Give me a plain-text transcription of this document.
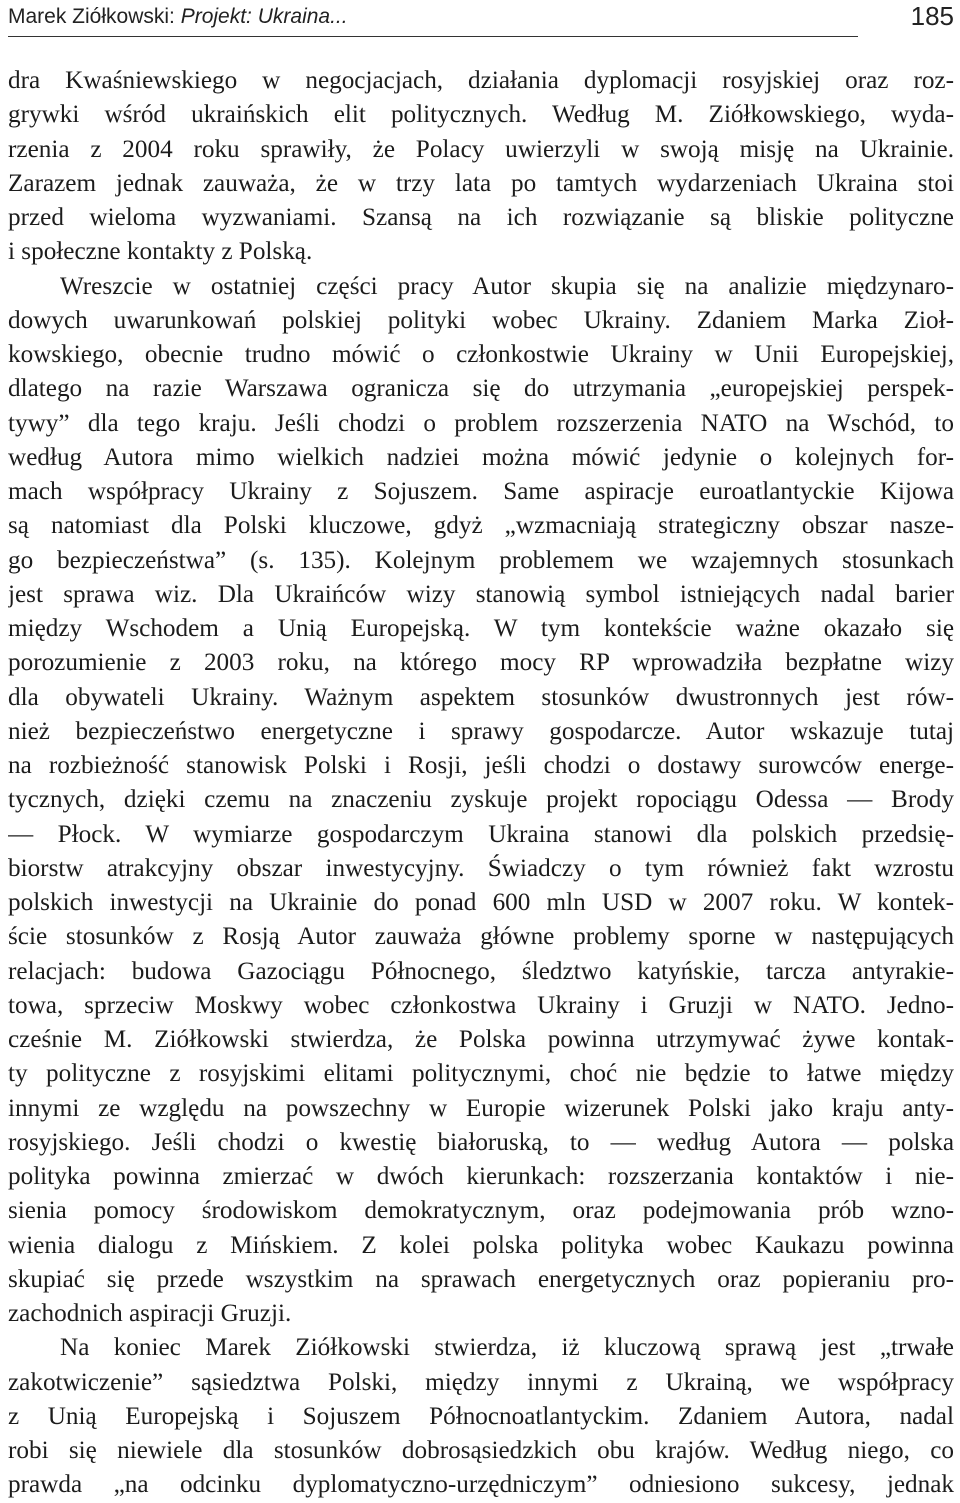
Marek Ziółkowski: Projekt: Ukraina...	185
dra Kwaśniewskiego w negocjacjach, działania dyplomacji rosyjskiej oraz roz-
grywki wśród ukraińskich elit politycznych. Według M. Ziółkowskiego, wyda-
rzenia z 2004 roku sprawiły, że Polacy uwierzyli w swoją misję na Ukrainie.
Zarazem jednak zauważa, że w trzy lata po tamtych wydarzeniach Ukraina stoi
przed wieloma wyzwaniami. Szansą na ich rozwiązanie są bliskie polityczne
i społeczne kontakty z Polską.
Wreszcie w ostatniej części pracy Autor skupia się na analizie międzynaro-
dowych uwarunkowań polskiej polityki wobec Ukrainy. Zdaniem Marka Zioł-
kowskiego, obecnie trudno mówić o członkostwie Ukrainy w Unii Europejskiej,
dlatego na razie Warszawa ogranicza się do utrzymania „europejskiej perspek-
tywy” dla tego kraju. Jeśli chodzi o problem rozszerzenia NATO na Wschód, to
według Autora mimo wielkich nadziei można mówić jedynie o kolejnych for-
mach współpracy Ukrainy z Sojuszem. Same aspiracje euroatlantyckie Kijowa
są natomiast dla Polski kluczowe, gdyż „wzmacniają strategiczny obszar nasze-
go bezpieczeństwa” (s. 135). Kolejnym problemem we wzajemnych stosunkach
jest sprawa wiz. Dla Ukraińców wizy stanowią symbol istniejących nadal barier
między Wschodem a Unią Europejską. W tym kontekście ważne okazało się
porozumienie z 2003 roku, na którego mocy RP wprowadziła bezpłatne wizy
dla obywateli Ukrainy. Ważnym aspektem stosunków dwustronnych jest rów-
nież bezpieczeństwo energetyczne i sprawy gospodarcze. Autor wskazuje tutaj
na rozbieżność stanowisk Polski i Rosji, jeśli chodzi o dostawy surowców energe-
tycznych, dzięki czemu na znaczeniu zyskuje projekt ropociągu Odessa — Brody
— Płock. W wymiarze gospodarczym Ukraina stanowi dla polskich przedsię-
biorstw atrakcyjny obszar inwestycyjny. Świadczy o tym również fakt wzrostu
polskich inwestycji na Ukrainie do ponad 600 mln USD w 2007 roku. W kontek-
ście stosunków z Rosją Autor zauważa główne problemy sporne w następujących
relacjach: budowa Gazociągu Północnego, śledztwo katyńskie, tarcza antyrakie-
towa, sprzeciw Moskwy wobec członkostwa Ukrainy i Gruzji w NATO. Jedno-
cześnie M. Ziółkowski stwierdza, że Polska powinna utrzymywać żywe kontak-
ty polityczne z rosyjskimi elitami politycznymi, choć nie będzie to łatwe między
innymi ze względu na powszechny w Europie wizerunek Polski jako kraju anty-
rosyjskiego. Jeśli chodzi o kwestię białoruską, to — według Autora — polska
polityka powinna zmierzać w dwóch kierunkach: rozszerzania kontaktów i nie-
sienia pomocy środowiskom demokratycznym, oraz podejmowania prób wzno-
wienia dialogu z Mińskiem. Z kolei polska polityka wobec Kaukazu powinna
skupiać się przede wszystkim na sprawach energetycznych oraz popieraniu pro-
zachodnich aspiracji Gruzji.
Na koniec Marek Ziółkowski stwierdza, iż kluczową sprawą jest „trwałe
zakotwiczenie” sąsiedztwa Polski, między innymi z Ukrainą, we współpracy
z Unią Europejską i Sojuszem Północnoatlantyckim. Zdaniem Autora, nadal
robi się niewiele dla stosunków dobrosąsiedzkich obu krajów. Według niego, co
prawda „na odcinku dyplomatyczno-urzędniczym” odniesiono sukcesy, jednak
